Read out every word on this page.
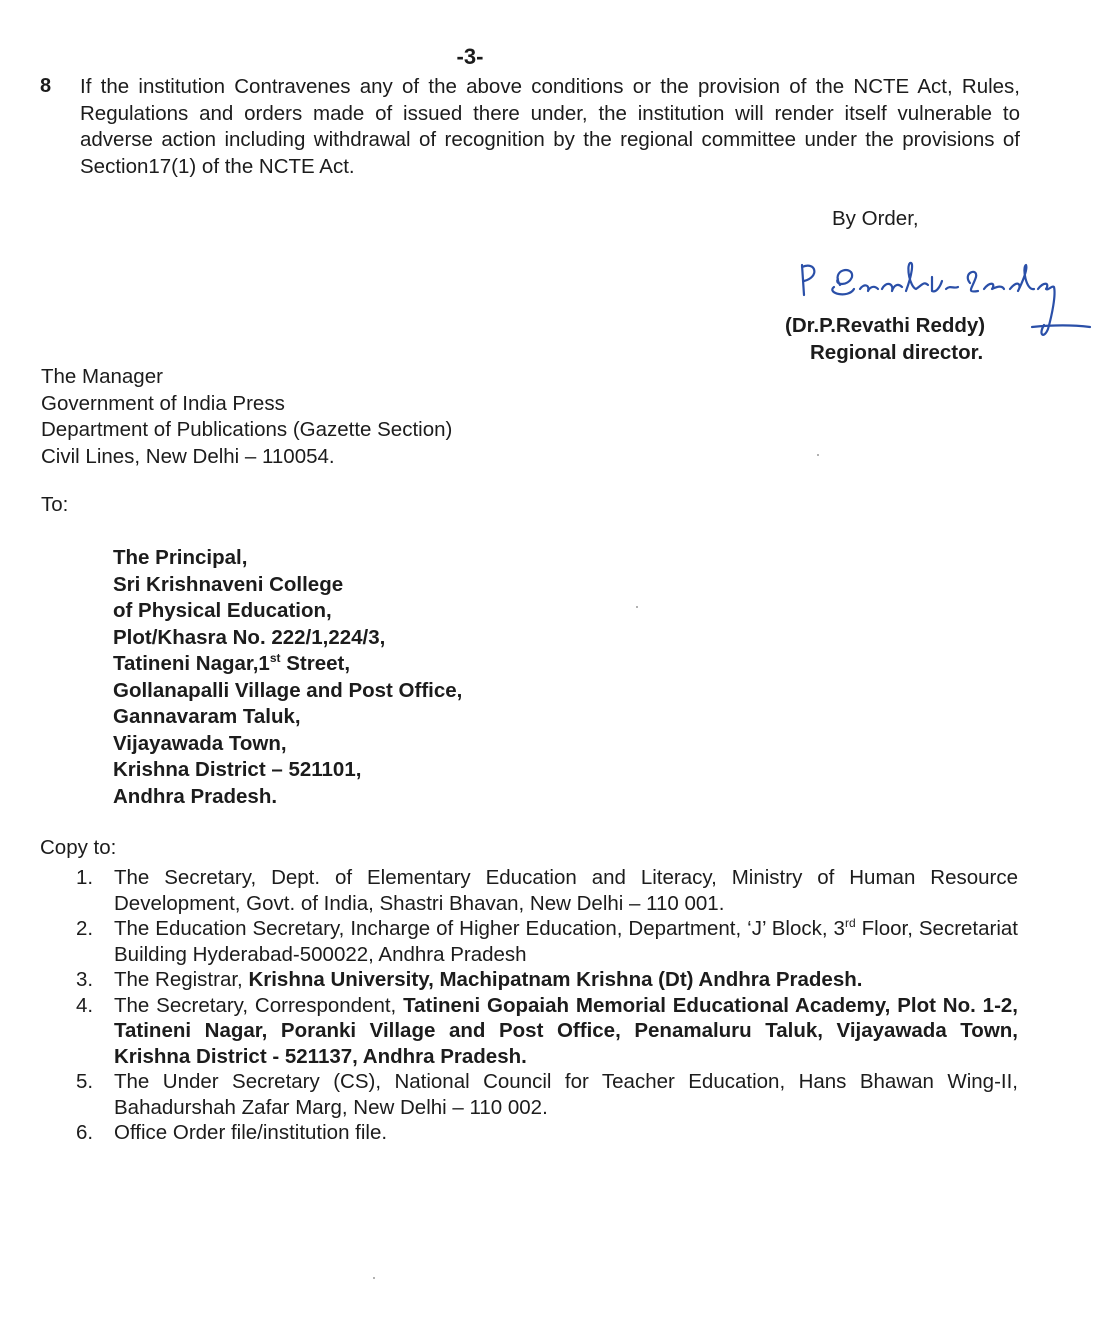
-3-
8 If the institution Contravenes any of the above conditions or the provision of the NCTE Act, Rules, Regulations and orders made of issued there under, the institution will render itself vulnerable to adverse action including withdrawal of recognition by the regional committee under the provisions of Section17(1) of the NCTE Act.
By Order,
(Dr.P.Revathi Reddy)
Regional director.
The Manager
Government of India Press
Department of Publications (Gazette Section)
Civil Lines, New Delhi – 110054.
To:
The Principal,
Sri Krishnaveni College
of Physical Education,
Plot/Khasra No. 222/1,224/3,
Tatineni Nagar,1st Street,
Gollanapalli Village and Post Office,
Gannavaram Taluk,
Vijayawada Town,
Krishna District – 521101,
Andhra Pradesh.
Copy to:
1.	The Secretary, Dept. of Elementary Education and Literacy, Ministry of Human Resource Development, Govt. of India, Shastri Bhavan, New Delhi – 110 001.
2.	The Education Secretary, Incharge of Higher Education, Department, ‘J’ Block, 3rd Floor, Secretariat Building Hyderabad-500022, Andhra Pradesh
3.	The Registrar, Krishna University, Machipatnam Krishna (Dt) Andhra Pradesh.
4.	The Secretary, Correspondent, Tatineni Gopaiah Memorial Educational Academy, Plot No. 1-2, Tatineni Nagar, Poranki Village and Post Office, Penamaluru Taluk, Vijayawada Town, Krishna District - 521137, Andhra Pradesh.
5.	The Under Secretary (CS), National Council for Teacher Education, Hans Bhawan Wing-II, Bahadurshah Zafar Marg, New Delhi – 110 002.
6.	Office Order file/institution file.
